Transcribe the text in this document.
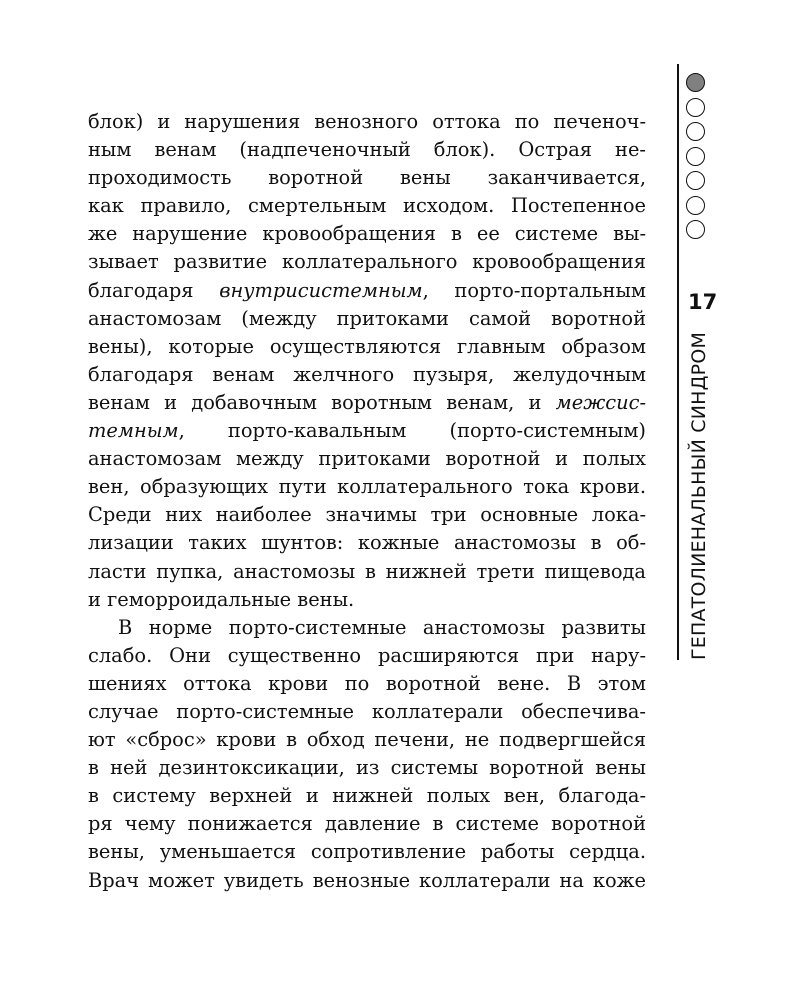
блок) и нарушения венозного оттока по печеноч-
ным венам (надпеченочный блок). Острая не-
проходимость воротной вены заканчивается,
как правило, смертельным исходом. Постепенное
же нарушение кровообращения в ее системе вы-
зывает развитие коллатерального кровообращения
благодаря внутрисистемным, порто-портальным
анастомозам (между притоками самой воротной
вены), которые осуществляются главным образом
благодаря венам желчного пузыря, желудочным
венам и добавочным воротным венам, и межсис-
темным, порто-кавальным (порто-системным)
анастомозам между притоками воротной и полых
вен, образующих пути коллатерального тока крови.
Среди них наиболее значимы три основные лока-
лизации таких шунтов: кожные анастомозы в об-
ласти пупка, анастомозы в нижней трети пищевода
и геморроидальные вены.
В норме порто-системные анастомозы развиты
слабо. Они существенно расширяются при нару-
шениях оттока крови по воротной вене. В этом
случае порто-системные коллатерали обеспечива-
ют «сброс» крови в обход печени, не подвергшейся
в ней дезинтоксикации, из системы воротной вены
в систему верхней и нижней полых вен, благода-
ря чему понижается давление в системе воротной
вены, уменьшается сопротивление работы сердца.
Врач может увидеть венозные коллатерали на коже
17
ГЕПАТОЛИЕНАЛЬНЫЙ СИНДРОМ
